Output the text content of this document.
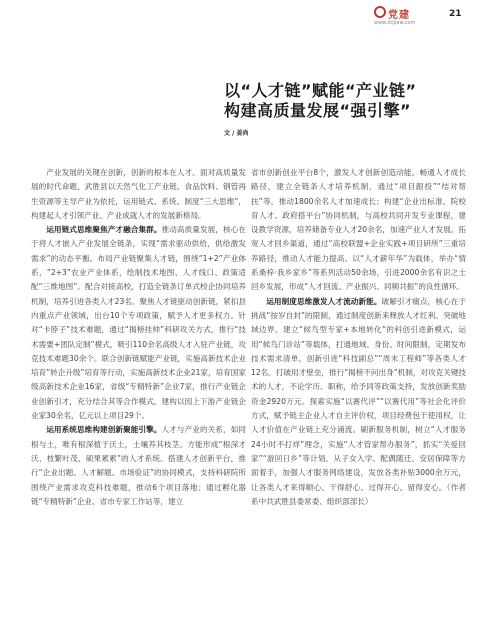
党建
www.dojiaw.com
21
以“人才链”赋能“产业链”
构建高质量发展“强引擎”
文 / 姜尚

产业发展的关键在创新，创新的根本在人才。面对高质量发展的时代命题，武胜县以天然气化工产业链、食品饮料、钢管再生资源等主导产业为依托，运用链式、系统、制度“三大思维”，构建起人才引领产业、产业成就人才的发展新格局。

运用链式思维聚焦产才融合集群。推动高质量发展，核心在于将人才嵌入产业发展全链条，实现“需求驱动供给，供给激发需求”的动态平衡。布局产业链聚集人才链，围绕“1+2”产业体系，“2+3”农业产业体系，绘制技术地图、人才线口、政策适配“三维地图”。配合对接高校，打造全链条订单式校企协同培养机制，培养引进各类人才23名。聚焦人才链驱动创新链，紧扣县内重点产业领域，出台10个专项政策，赋予人才更多权力。针对“卡脖子”技术难题，通过“揭榜挂帅”科研攻关方式，推行“技术需要+团队定制”模式，吸引110余名高级人才入驻产业链，攻克技术难题30余个。联合创新链赋能产业链，实施高新技术企业培育“转企升级”培育等行动，实施高新技术企业21家，培育国家级高新技术企业16家，省级“专精特新”企业7家，推行产业链企业创新引才，充分结合其等合作模式，建构以园上下游产业链企业家30余名，亿元以上项目29个。

运用系统思维构建创新聚能引擎。人才与产业的关系，如同根与土，唯有根深植于沃土，土壤养其枝茎。方能形成“根深才沃、枝繁叶茂、硕果累累”的人才系统。搭建人才创新平台，推行“企业出题、人才解题、市场验证”的协同模式，支持科研院所围绕产业需求攻克科技难题，推动6个项目落地；通过孵化器链“专精特新”企业、省市专家工作站等，建立

省市创新创业平台8个，激发人才创新创造动能。畅通人才成长路径，建立全链条人才培养机制，通过“项目跟投”“结对帮扶”等，推动1800余名人才加速成长；构建“企业出标准、院校育人才、政府搭平台”协同机制，与高校共同开发专业课程，建设教学资源，培养储备专业人才20余名，加速产业人才发展。拓宽人才回乡渠道，通过“高校联盟+企业实践+项目研所”三重培养路径，推动人才能力提高。以“人才薪年华”为载体，举办“情系桑梓·我乡家乡”等系列活动50余场，引进2000余名有识之士回乡发展，形成“人才回流、产业振兴、同频共振”的良性循环。

运用制度思维激发人才流动新能。破解引才痛点，核心在于挑战“按岁自封”的限制，通过制度创新来释放人才红利。突破地域边界，建立“候鸟型专家+本地转化”的科创引进新模式，运用“候鸟门诊站”等载体，打通地域、身份、时间限制，定期发布技术需求清单，创新引进“科技副总”“周末工程师”等各类人才12名。打破用才壁垒，推行“揭榜不问出身”机制，对攻克关键技术的人才，不论学历、职称，给予同等政策支持，发放创新奖励资金2920万元。探索实施“以赛代评”“以赛代用”等社会化评价方式，赋予链主企业人才自主评价权，项目经费包干使用权，让人才价值在产业链上充分涌流。刷新服务机制，树立“人才服务24小时不打烊”理念，实施“人才管家帮办服务”，抓实“关爱回家”“游回日乡”等计划，从子女入学、配偶随迁、安居保障等方面着手，加强人才服务网络建设，发放各类补贴3000余万元，让各类人才来得顺心、干得舒心、过得开心、留得安心。（作者系中共武胜县委常委、组织部部长）
